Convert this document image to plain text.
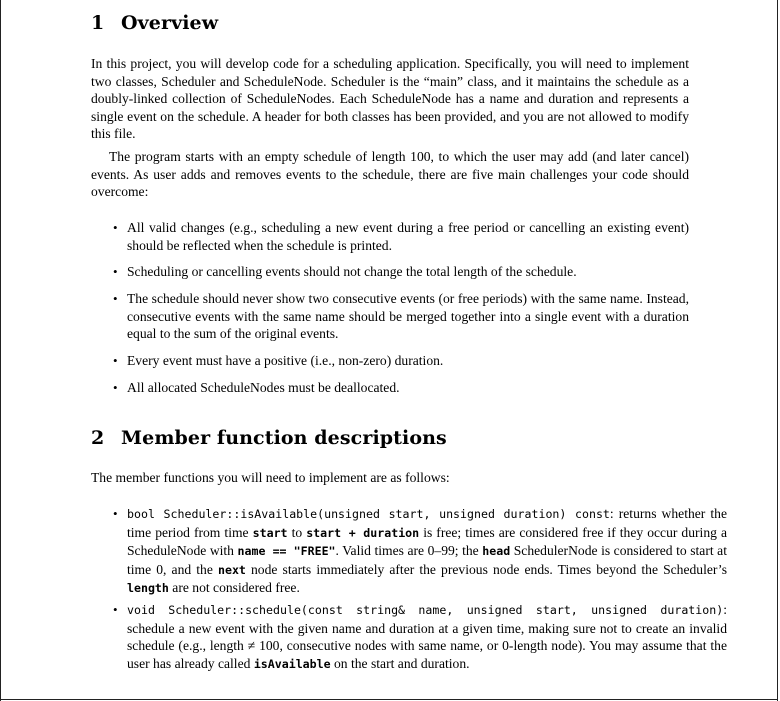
1 Overview

In this project, you will develop code for a scheduling application. Specifically, you will need to implement two classes, Scheduler and ScheduleNode. Scheduler is the “main” class, and it maintains the schedule as a doubly-linked collection of ScheduleNodes. Each ScheduleNode has a name and duration and represents a single event on the schedule. A header for both classes has been provided, and you are not allowed to modify this file.

The program starts with an empty schedule of length 100, to which the user may add (and later cancel) events. As user adds and removes events to the schedule, there are five main challenges your code should overcome:

• All valid changes (e.g., scheduling a new event during a free period or cancelling an existing event) should be reflected when the schedule is printed.
• Scheduling or cancelling events should not change the total length of the schedule.
• The schedule should never show two consecutive events (or free periods) with the same name. Instead, consecutive events with the same name should be merged together into a single event with a duration equal to the sum of the original events.
• Every event must have a positive (i.e., non-zero) duration.
• All allocated ScheduleNodes must be deallocated.
2 Member function descriptions

The member functions you will need to implement are as follows:

• bool Scheduler::isAvailable(unsigned start, unsigned duration) const: returns whether the time period from time start to start + duration is free; times are considered free if they occur during a ScheduleNode with name == "FREE". Valid times are 0–99; the head SchedulerNode is considered to start at time 0, and the next node starts immediately after the previous node ends. Times beyond the Scheduler’s length are not considered free.
• void Scheduler::schedule(const string& name, unsigned start, unsigned duration): schedule a new event with the given name and duration at a given time, making sure not to create an invalid schedule (e.g., length ≠ 100, consecutive nodes with same name, or 0-length node). You may assume that the user has already called isAvailable on the start and duration.
